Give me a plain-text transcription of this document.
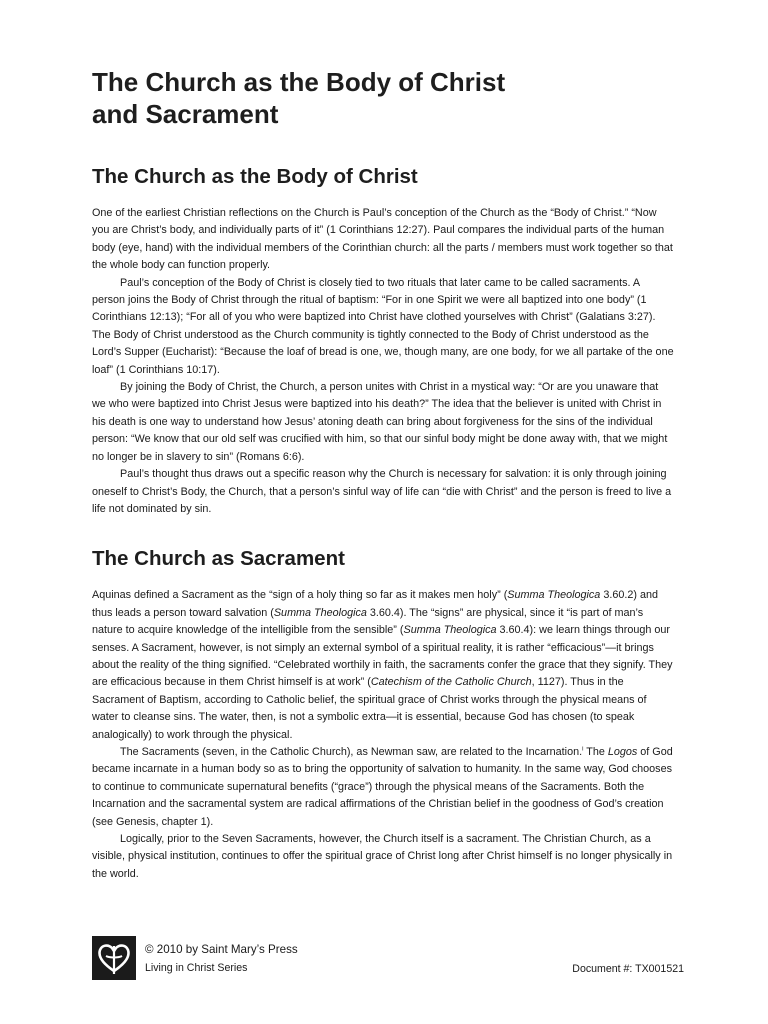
The Church as the Body of Christ
and Sacrament
The Church as the Body of Christ

One of the earliest Christian reflections on the Church is Paul’s conception of the Church as the “Body of Christ.” “Now you are Christ’s body, and individually parts of it” (1 Corinthians 12:27). Paul compares the individual parts of the human body (eye, hand) with the individual members of the Corinthian church: all the parts / members must work together so that the whole body can function properly.

Paul’s conception of the Body of Christ is closely tied to two rituals that later came to be called sacraments. A person joins the Body of Christ through the ritual of baptism: “For in one Spirit we were all baptized into one body” (1 Corinthians 12:13); “For all of you who were baptized into Christ have clothed yourselves with Christ” (Galatians 3:27). The Body of Christ understood as the Church community is tightly connected to the Body of Christ understood as the Lord’s Supper (Eucharist): “Because the loaf of bread is one, we, though many, are one body, for we all partake of the one loaf” (1 Corinthians 10:17).

By joining the Body of Christ, the Church, a person unites with Christ in a mystical way: “Or are you unaware that we who were baptized into Christ Jesus were baptized into his death?” The idea that the believer is united with Christ in his death is one way to understand how Jesus’ atoning death can bring about forgiveness for the sins of the individual person: “We know that our old self was crucified with him, so that our sinful body might be done away with, that we might no longer be in slavery to sin” (Romans 6:6).

Paul’s thought thus draws out a specific reason why the Church is necessary for salvation: it is only through joining oneself to Christ’s Body, the Church, that a person’s sinful way of life can “die with Christ” and the person is freed to live a life not dominated by sin.

The Church as Sacrament

Aquinas defined a Sacrament as the “sign of a holy thing so far as it makes men holy” (Summa Theologica 3.60.2) and thus leads a person toward salvation (Summa Theologica 3.60.4). The “signs” are physical, since it “is part of man’s nature to acquire knowledge of the intelligible from the sensible” (Summa Theologica 3.60.4): we learn things through our senses. A Sacrament, however, is not simply an external symbol of a spiritual reality, it is rather “efficacious”—it brings about the reality of the thing signified. “Celebrated worthily in faith, the sacraments confer the grace that they signify. They are efficacious because in them Christ himself is at work” (Catechism of the Catholic Church, 1127). Thus in the Sacrament of Baptism, according to Catholic belief, the spiritual grace of Christ works through the physical means of water to cleanse sins. The water, then, is not a symbolic extra—it is essential, because God has chosen (to speak analogically) to work through the physical.

The Sacraments (seven, in the Catholic Church), as Newman saw, are related to the Incarnation.$^i$ The Logos of God became incarnate in a human body so as to bring the opportunity of salvation to humanity. In the same way, God chooses to continue to communicate supernatural benefits (“grace”) through the physical means of the Sacraments. Both the Incarnation and the sacramental system are radical affirmations of the Christian belief in the goodness of God’s creation (see Genesis, chapter 1).

Logically, prior to the Seven Sacraments, however, the Church itself is a sacrament. The Christian Church, as a visible, physical institution, continues to offer the spiritual grace of Christ long after Christ himself is no longer physically in the world.

© 2010 by Saint Mary’s Press
Living in Christ Series	Document #: TX001521
